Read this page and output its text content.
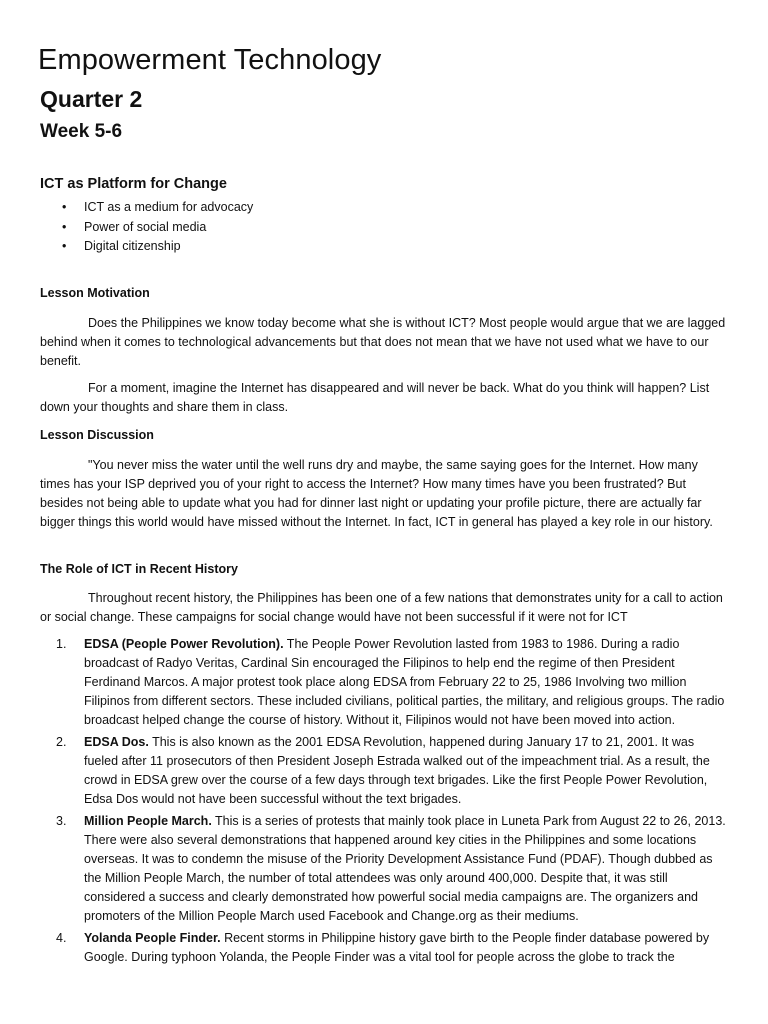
Empowerment Technology
Quarter 2
Week 5-6
ICT as Platform for Change
• ICT as a medium for advocacy
• Power of social media
• Digital citizenship

Lesson Motivation

Does the Philippines we know today become what she is without ICT? Most people would argue that we are lagged behind when it comes to technological advancements but that does not mean that we have not used what we have to our benefit.

For a moment, imagine the Internet has disappeared and will never be back. What do you think will happen? List down your thoughts and share them in class.

Lesson Discussion

"You never miss the water until the well runs dry and maybe, the same saying goes for the Internet. How many times has your ISP deprived you of your right to access the Internet? How many times have you been frustrated? But besides not being able to update what you had for dinner last night or updating your profile picture, there are actually far bigger things this world would have missed without the Internet. In fact, ICT in general has played a key role in our history.

The Role of ICT in Recent History

Throughout recent history, the Philippines has been one of a few nations that demonstrates unity for a call to action or social change. These campaigns for social change would have not been successful if it were not for ICT

1. EDSA (People Power Revolution). The People Power Revolution lasted from 1983 to 1986. During a radio broadcast of Radyo Veritas, Cardinal Sin encouraged the Filipinos to help end the regime of then President Ferdinand Marcos. A major protest took place along EDSA from February 22 to 25, 1986 Involving two million Filipinos from different sectors. These included civilians, political parties, the military, and religious groups. The radio broadcast helped change the course of history. Without it, Filipinos would not have been moved into action.
2. EDSA Dos. This is also known as the 2001 EDSA Revolution, happened during January 17 to 21, 2001. It was fueled after 11 prosecutors of then President Joseph Estrada walked out of the impeachment trial. As a result, the crowd in EDSA grew over the course of a few days through text brigades. Like the first People Power Revolution, Edsa Dos would not have been successful without the text brigades.
3. Million People March. This is a series of protests that mainly took place in Luneta Park from August 22 to 26, 2013. There were also several demonstrations that happened around key cities in the Philippines and some locations overseas. It was to condemn the misuse of the Priority Development Assistance Fund (PDAF). Though dubbed as the Million People March, the number of total attendees was only around 400,000. Despite that, it was still considered a success and clearly demonstrated how powerful social media campaigns are. The organizers and promoters of the Million People March used Facebook and Change.org as their mediums.
4. Yolanda People Finder. Recent storms in Philippine history gave birth to the People finder database powered by Google. During typhoon Yolanda, the People Finder was a vital tool for people across the globe to track the
